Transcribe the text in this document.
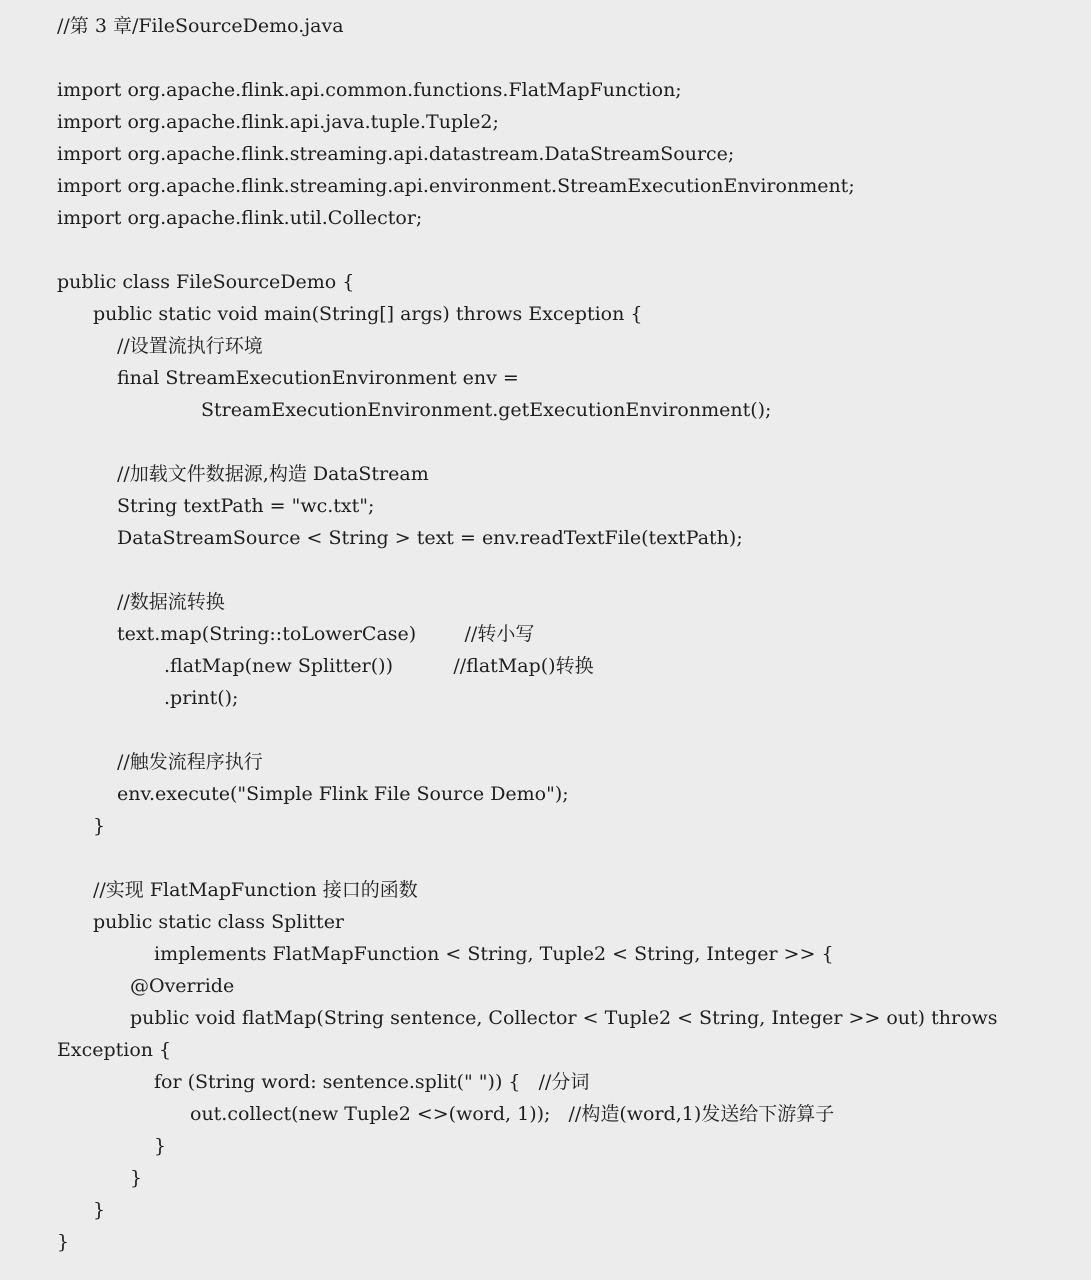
//第 3 章/FileSourceDemo.java
import org.apache.flink.api.common.functions.FlatMapFunction;
import org.apache.flink.api.java.tuple.Tuple2;
import org.apache.flink.streaming.api.datastream.DataStreamSource;
import org.apache.flink.streaming.api.environment.StreamExecutionEnvironment;
import org.apache.flink.util.Collector;
public class FileSourceDemo {
public static void main(String[] args) throws Exception {
//设置流执行环境
final StreamExecutionEnvironment env =
StreamExecutionEnvironment.getExecutionEnvironment();
//加载文件数据源,构造 DataStream
String textPath = "wc.txt";
DataStreamSource < String > text = env.readTextFile(textPath);
//数据流转换
text.map(String::toLowerCase)        //转小写
.flatMap(new Splitter())          //flatMap()转换
.print();
//触发流程序执行
env.execute("Simple Flink File Source Demo");
}
//实现 FlatMapFunction 接口的函数
public static class Splitter
implements FlatMapFunction < String, Tuple2 < String, Integer >> {
@Override
public void flatMap(String sentence, Collector < Tuple2 < String, Integer >> out) throws
Exception {
for (String word: sentence.split(" ")) {   //分词
out.collect(new Tuple2 <>(word, 1));   //构造(word,1)发送给下游算子
}
}
}
}
